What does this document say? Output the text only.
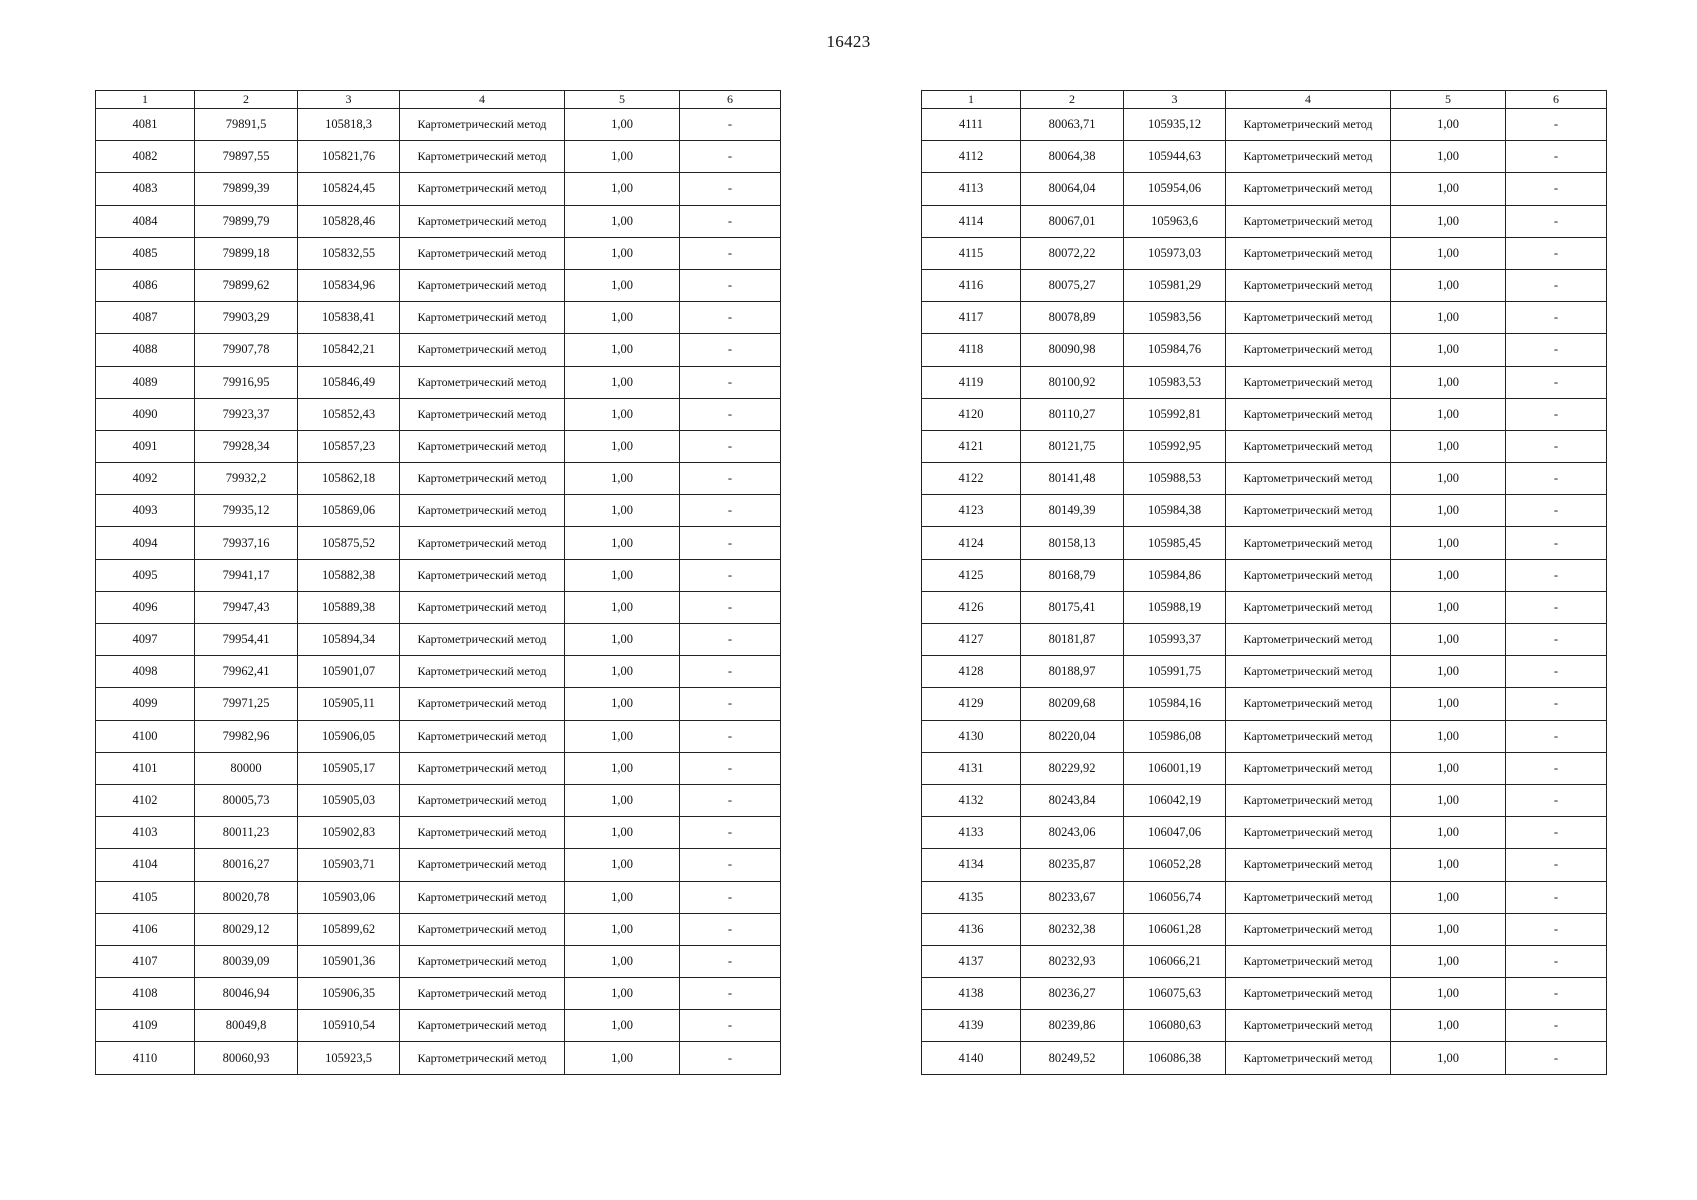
16423
1	2	3	4	5	6
4081	79891,5	105818,3	Картометрический метод	1,00	-
4082	79897,55	105821,76	Картометрический метод	1,00	-
4083	79899,39	105824,45	Картометрический метод	1,00	-
4084	79899,79	105828,46	Картометрический метод	1,00	-
4085	79899,18	105832,55	Картометрический метод	1,00	-
4086	79899,62	105834,96	Картометрический метод	1,00	-
4087	79903,29	105838,41	Картометрический метод	1,00	-
4088	79907,78	105842,21	Картометрический метод	1,00	-
4089	79916,95	105846,49	Картометрический метод	1,00	-
4090	79923,37	105852,43	Картометрический метод	1,00	-
4091	79928,34	105857,23	Картометрический метод	1,00	-
4092	79932,2	105862,18	Картометрический метод	1,00	-
4093	79935,12	105869,06	Картометрический метод	1,00	-
4094	79937,16	105875,52	Картометрический метод	1,00	-
4095	79941,17	105882,38	Картометрический метод	1,00	-
4096	79947,43	105889,38	Картометрический метод	1,00	-
4097	79954,41	105894,34	Картометрический метод	1,00	-
4098	79962,41	105901,07	Картометрический метод	1,00	-
4099	79971,25	105905,11	Картометрический метод	1,00	-
4100	79982,96	105906,05	Картометрический метод	1,00	-
4101	80000	105905,17	Картометрический метод	1,00	-
4102	80005,73	105905,03	Картометрический метод	1,00	-
4103	80011,23	105902,83	Картометрический метод	1,00	-
4104	80016,27	105903,71	Картометрический метод	1,00	-
4105	80020,78	105903,06	Картометрический метод	1,00	-
4106	80029,12	105899,62	Картометрический метод	1,00	-
4107	80039,09	105901,36	Картометрический метод	1,00	-
4108	80046,94	105906,35	Картометрический метод	1,00	-
4109	80049,8	105910,54	Картометрический метод	1,00	-
4110	80060,93	105923,5	Картометрический метод	1,00	-
1	2	3	4	5	6
4111	80063,71	105935,12	Картометрический метод	1,00	-
4112	80064,38	105944,63	Картометрический метод	1,00	-
4113	80064,04	105954,06	Картометрический метод	1,00	-
4114	80067,01	105963,6	Картометрический метод	1,00	-
4115	80072,22	105973,03	Картометрический метод	1,00	-
4116	80075,27	105981,29	Картометрический метод	1,00	-
4117	80078,89	105983,56	Картометрический метод	1,00	-
4118	80090,98	105984,76	Картометрический метод	1,00	-
4119	80100,92	105983,53	Картометрический метод	1,00	-
4120	80110,27	105992,81	Картометрический метод	1,00	-
4121	80121,75	105992,95	Картометрический метод	1,00	-
4122	80141,48	105988,53	Картометрический метод	1,00	-
4123	80149,39	105984,38	Картометрический метод	1,00	-
4124	80158,13	105985,45	Картометрический метод	1,00	-
4125	80168,79	105984,86	Картометрический метод	1,00	-
4126	80175,41	105988,19	Картометрический метод	1,00	-
4127	80181,87	105993,37	Картометрический метод	1,00	-
4128	80188,97	105991,75	Картометрический метод	1,00	-
4129	80209,68	105984,16	Картометрический метод	1,00	-
4130	80220,04	105986,08	Картометрический метод	1,00	-
4131	80229,92	106001,19	Картометрический метод	1,00	-
4132	80243,84	106042,19	Картометрический метод	1,00	-
4133	80243,06	106047,06	Картометрический метод	1,00	-
4134	80235,87	106052,28	Картометрический метод	1,00	-
4135	80233,67	106056,74	Картометрический метод	1,00	-
4136	80232,38	106061,28	Картометрический метод	1,00	-
4137	80232,93	106066,21	Картометрический метод	1,00	-
4138	80236,27	106075,63	Картометрический метод	1,00	-
4139	80239,86	106080,63	Картометрический метод	1,00	-
4140	80249,52	106086,38	Картометрический метод	1,00	-
